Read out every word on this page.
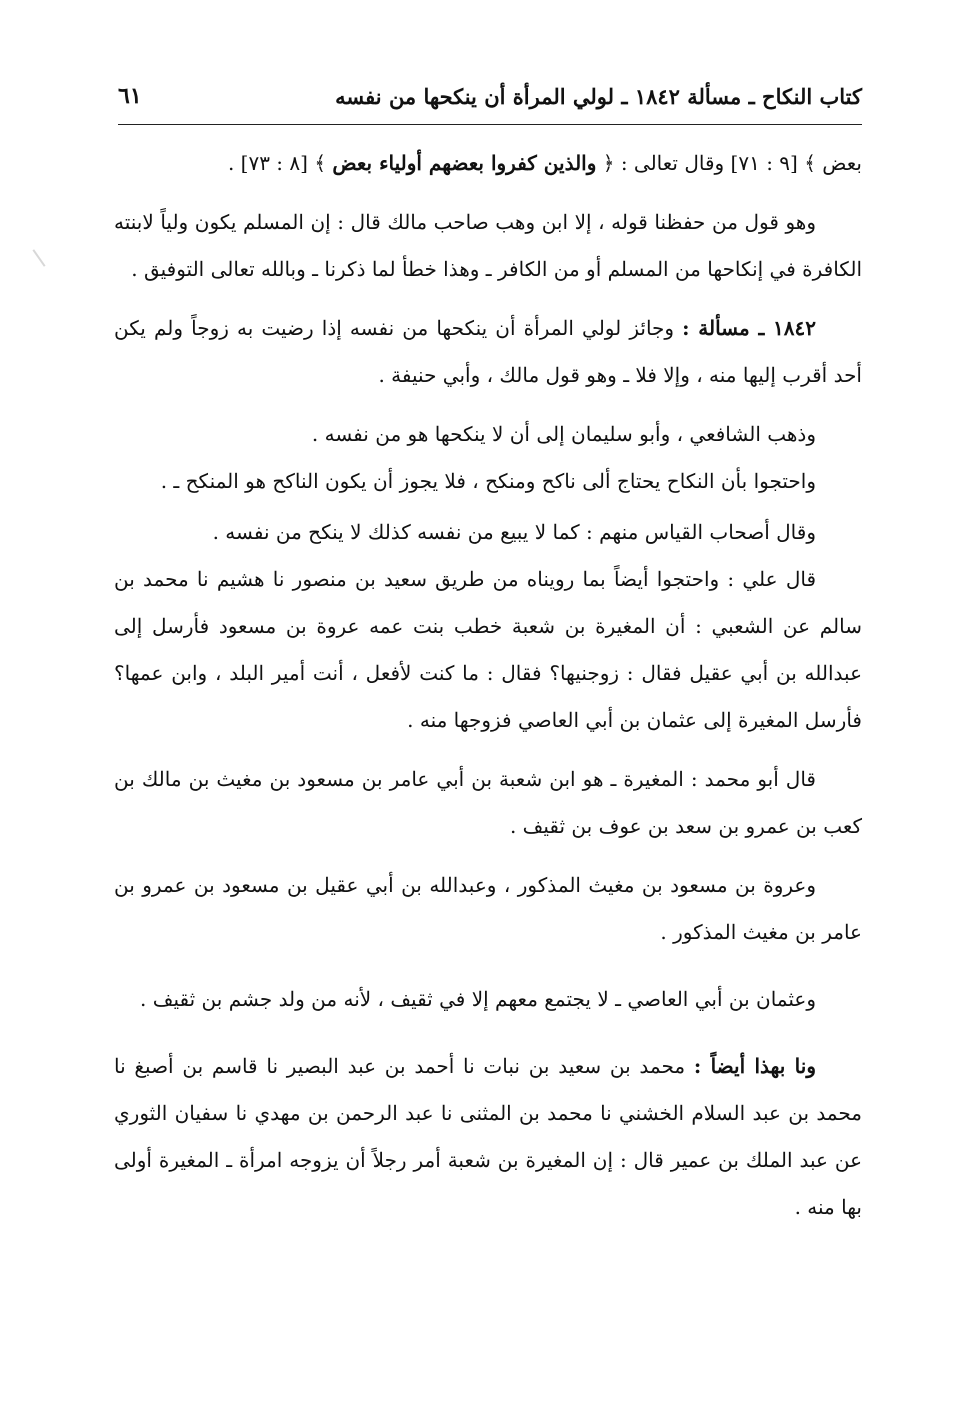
كتاب النكاح ـ مسألة ١٨٤٢ ـ لولي المرأة أن ينكحها من نفسه
٦١

بعض ﴾ [٩ : ٧١] وقال تعالى : ﴿ والذين كفروا بعضهم أولياء بعض ﴾ [٨ : ٧٣] .

وهو قول من حفظنا قوله ، إلا ابن وهب صاحب مالك قال : إن المسلم يكون ولياً لابنته الكافرة في إنكاحها من المسلم أو من الكافر ـ وهذا خطأ لما ذكرنا ـ وبالله تعالى التوفيق .

١٨٤٢ ـ مسألة : وجائز لولي المرأة أن ينكحها من نفسه إذا رضيت به زوجاً ولم يكن أحد أقرب إليها منه ، وإلا فلا ـ وهو قول مالك ، وأبي حنيفة .

وذهب الشافعي ، وأبو سليمان إلى أن لا ينكحها هو من نفسه .

واحتجوا بأن النكاح يحتاج ألى ناكح ومنكح ، فلا يجوز أن يكون الناكح هو المنكح ـ .

وقال أصحاب القياس منهم : كما لا يبيع من نفسه كذلك لا ينكح من نفسه .

قال علي : واحتجوا أيضاً بما رويناه من طريق سعيد بن منصور نا هشيم نا محمد بن سالم عن الشعبي : أن المغيرة بن شعبة خطب بنت عمه عروة بن مسعود فأرسل إلى عبدالله بن أبي عقيل فقال : زوجنيها؟ فقال : ما كنت لأفعل ، أنت أمير البلد ، وابن عمها؟ فأرسل المغيرة إلى عثمان بن أبي العاصي فزوجها منه .

قال أبو محمد : المغيرة ـ هو ابن شعبة بن أبي عامر بن مسعود بن مغيث بن مالك بن كعب بن عمرو بن سعد بن عوف بن ثقيف .

وعروة بن مسعود بن مغيث المذكور ، وعبدالله بن أبي عقيل بن مسعود بن عمرو بن عامر بن مغيث المذكور .

وعثمان بن أبي العاصي ـ لا يجتمع معهم إلا في ثقيف ، لأنه من ولد جشم بن ثقيف .

ونا بهذا أيضاً : محمد بن سعيد بن نبات نا أحمد بن عبد البصير نا قاسم بن أصبغ نا محمد بن عبد السلام الخشني نا محمد بن المثنى نا عبد الرحمن بن مهدي نا سفيان الثوري عن عبد الملك بن عمير قال : إن المغيرة بن شعبة أمر رجلاً أن يزوجه امرأة ـ المغيرة أولى بها منه .
